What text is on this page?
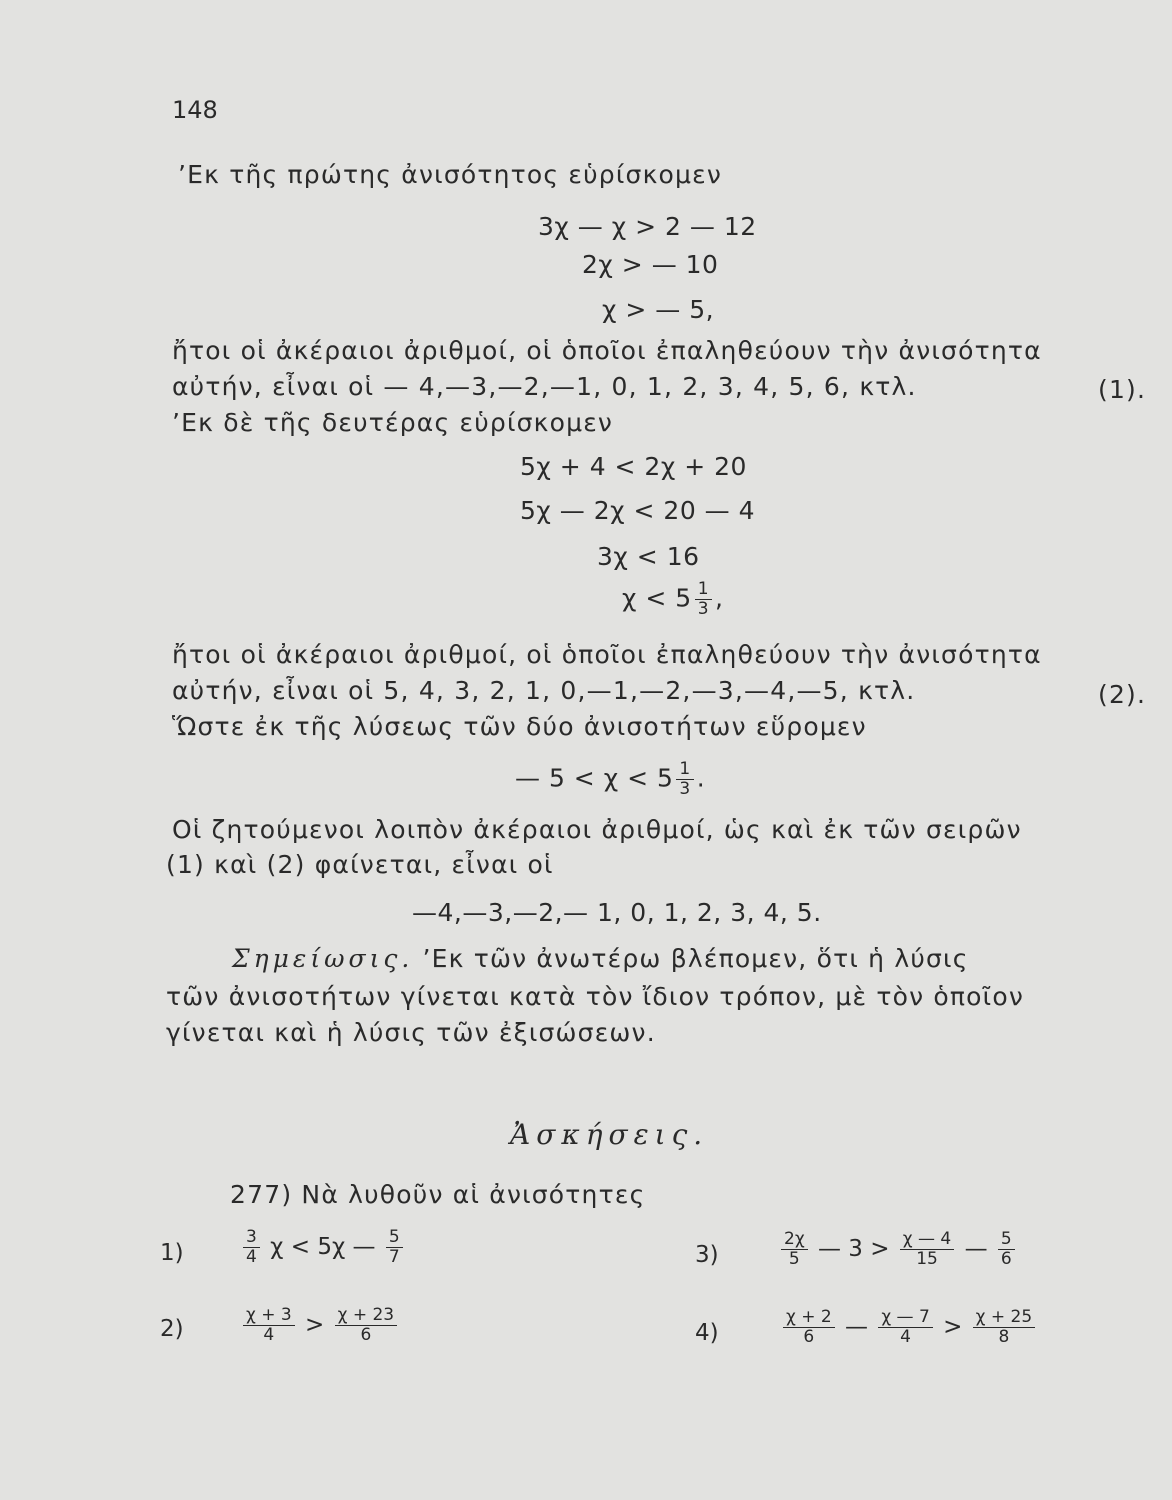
148
’Εκ τῆς πρώτης ἀνισότητος εὑρίσκομεν
3χ — χ > 2 — 12
2χ > — 10
χ > — 5,
ἤτοι οἱ ἀκέραιοι ἀριθμοί, οἱ ὁποῖοι ἐπαληθεύουν τὴν ἀνισότητα
αὐτήν, εἶναι οἱ — 4,—3,—2,—1, 0, 1, 2, 3, 4, 5, 6, κτλ.	(1).
’Εκ δὲ τῆς δευτέρας εὑρίσκομεν
5χ + 4 < 2χ + 20
5χ — 2χ < 20 — 4
3χ < 16
$\chi < 5 \frac{1}{3}$ ,
ἤτοι οἱ ἀκέραιοι ἀριθμοί, οἱ ὁποῖοι ἐπαληθεύουν τὴν ἀνισότητα
αὐτήν, εἶναι οἱ 5, 4, 3, 2, 1, 0,—1,—2,—3,—4,—5, κτλ.	(2).
Ὥστε ἐκ τῆς λύσεως τῶν δύο ἀνισοτήτων εὕρομεν
— $5 < \chi < 5 \frac{1}{3}$ .
Οἱ ζητούμενοι λοιπὸν ἀκέραιοι ἀριθμοί, ὡς καὶ ἐκ τῶν σειρῶν
(1) καὶ (2) φαίνεται, εἶναι οἱ
—4,—3,—2,— 1, 0, 1, 2, 3, 4, 5.
Σημείωσις. ’Εκ τῶν ἀνωτέρω βλέπομεν, ὅτι ἡ λύσις
τῶν ἀνισοτήτων γίνεται κατὰ τὸν ἴδιον τρόπον, μὲ τὸν ὁποῖον
γίνεται καὶ ἡ λύσις τῶν ἐξισώσεων.
Ἀσκήσεις.
277) Νὰ λυθοῦν αἱ ἀνισότητες
1)	$\frac{3}{4}$ χ < 5χ — $\frac{5}{7}$	3)	$\frac{2\chi}{5}$ — $3 > \frac{\chi — 4}{15}$ — $\frac{5}{6}$
2)	$\frac{\chi + 3}{4} > \frac{\chi + 23}{6}$	4)	$\frac{\chi + 2}{6}$ — $\frac{\chi — 7}{4} > \frac{\chi + 25}{8}$
